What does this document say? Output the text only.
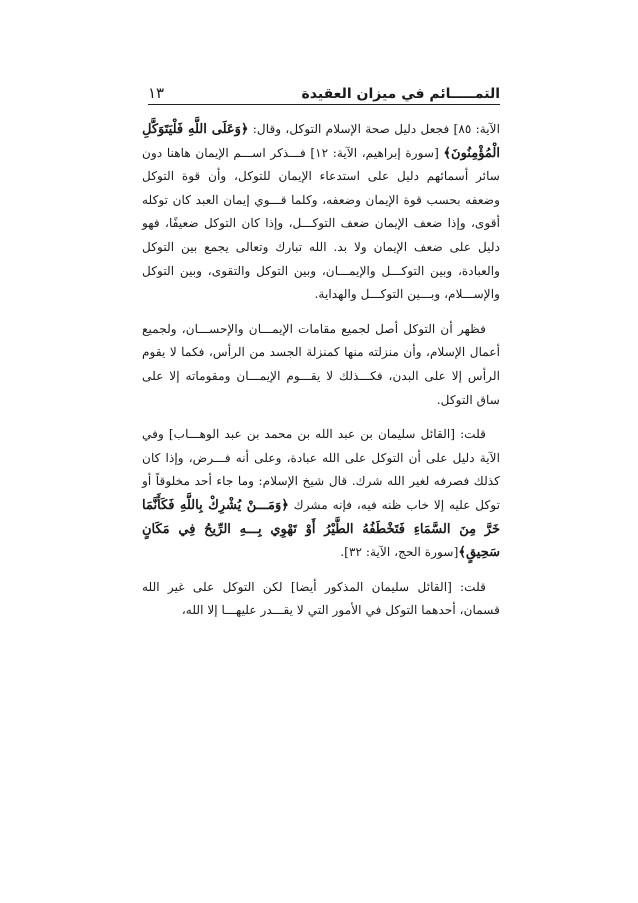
التمـــــائم في ميزان العقيدة
١٣

الآية: ٨٥] فجعل دليل صحة الإسلام التوكل، وقال: ﴿وَعَلَى اللَّهِ فَلْيَتَوَكَّلِ الْمُؤْمِنُونَ﴾ [سورة إبراهيم، الآية: ١٢] فـــذكر اســـم الإيمان هاهنا دون سائر أسمائهم دليل على استدعاء الإيمان للتوكل، وأن قوة التوكل وضعفه بحسب قوة الإيمان وضعفه، وكلما قـــوي إيمان العبد كان توكله أقوى، وإذا ضعف الإيمان ضعف التوكـــل، وإذا كان التوكل ضعيفًا، فهو دليل على ضعف الإيمان ولا بد. الله تبارك وتعالى يجمع بين التوكل والعبادة، وبين التوكـــل والإيمـــان، وبين التوكل والتقوى، وبين التوكل والإســـلام، وبـــين التوكـــل والهداية.

فظهر أن التوكل أصل لجميع مقامات الإيمـــان والإحســـان، ولجميع أعمال الإسلام، وأن منزلته منها كمنزلة الجسد من الرأس، فكما لا يقوم الرأس إلا على البدن، فكـــذلك لا يقـــوم الإيمـــان ومقوماته إلا على ساق التوكل.

قلت: [القائل سليمان بن عبد الله بن محمد بن عبد الوهـــاب] وفي الآية دليل على أن التوكل على الله عبادة، وعلى أنه فـــرض، وإذا كان كذلك فصرفه لغير الله شرك. قال شيخ الإسلام: وما جاء أحد مخلوقاً أو توكل عليه إلا خاب ظنه فيه، فإنه مشرك ﴿وَمَـــنْ يُشْرِكْ بِاللَّهِ فَكَأَنَّمَا خَرَّ مِنَ السَّمَاءِ فَتَخْطَفُهُ الطَّيْرُ أَوْ تَهْوِي بِـــهِ الرِّيحُ فِي مَكَانٍ سَحِيقٍ﴾[سورة الحج، الآية: ٣٢].

قلت: [القائل سليمان المذكور أيضا] لكن التوكل على غير الله قسمان، أحدهما التوكل في الأمور التي لا يقـــدر عليهـــا إلا الله،
